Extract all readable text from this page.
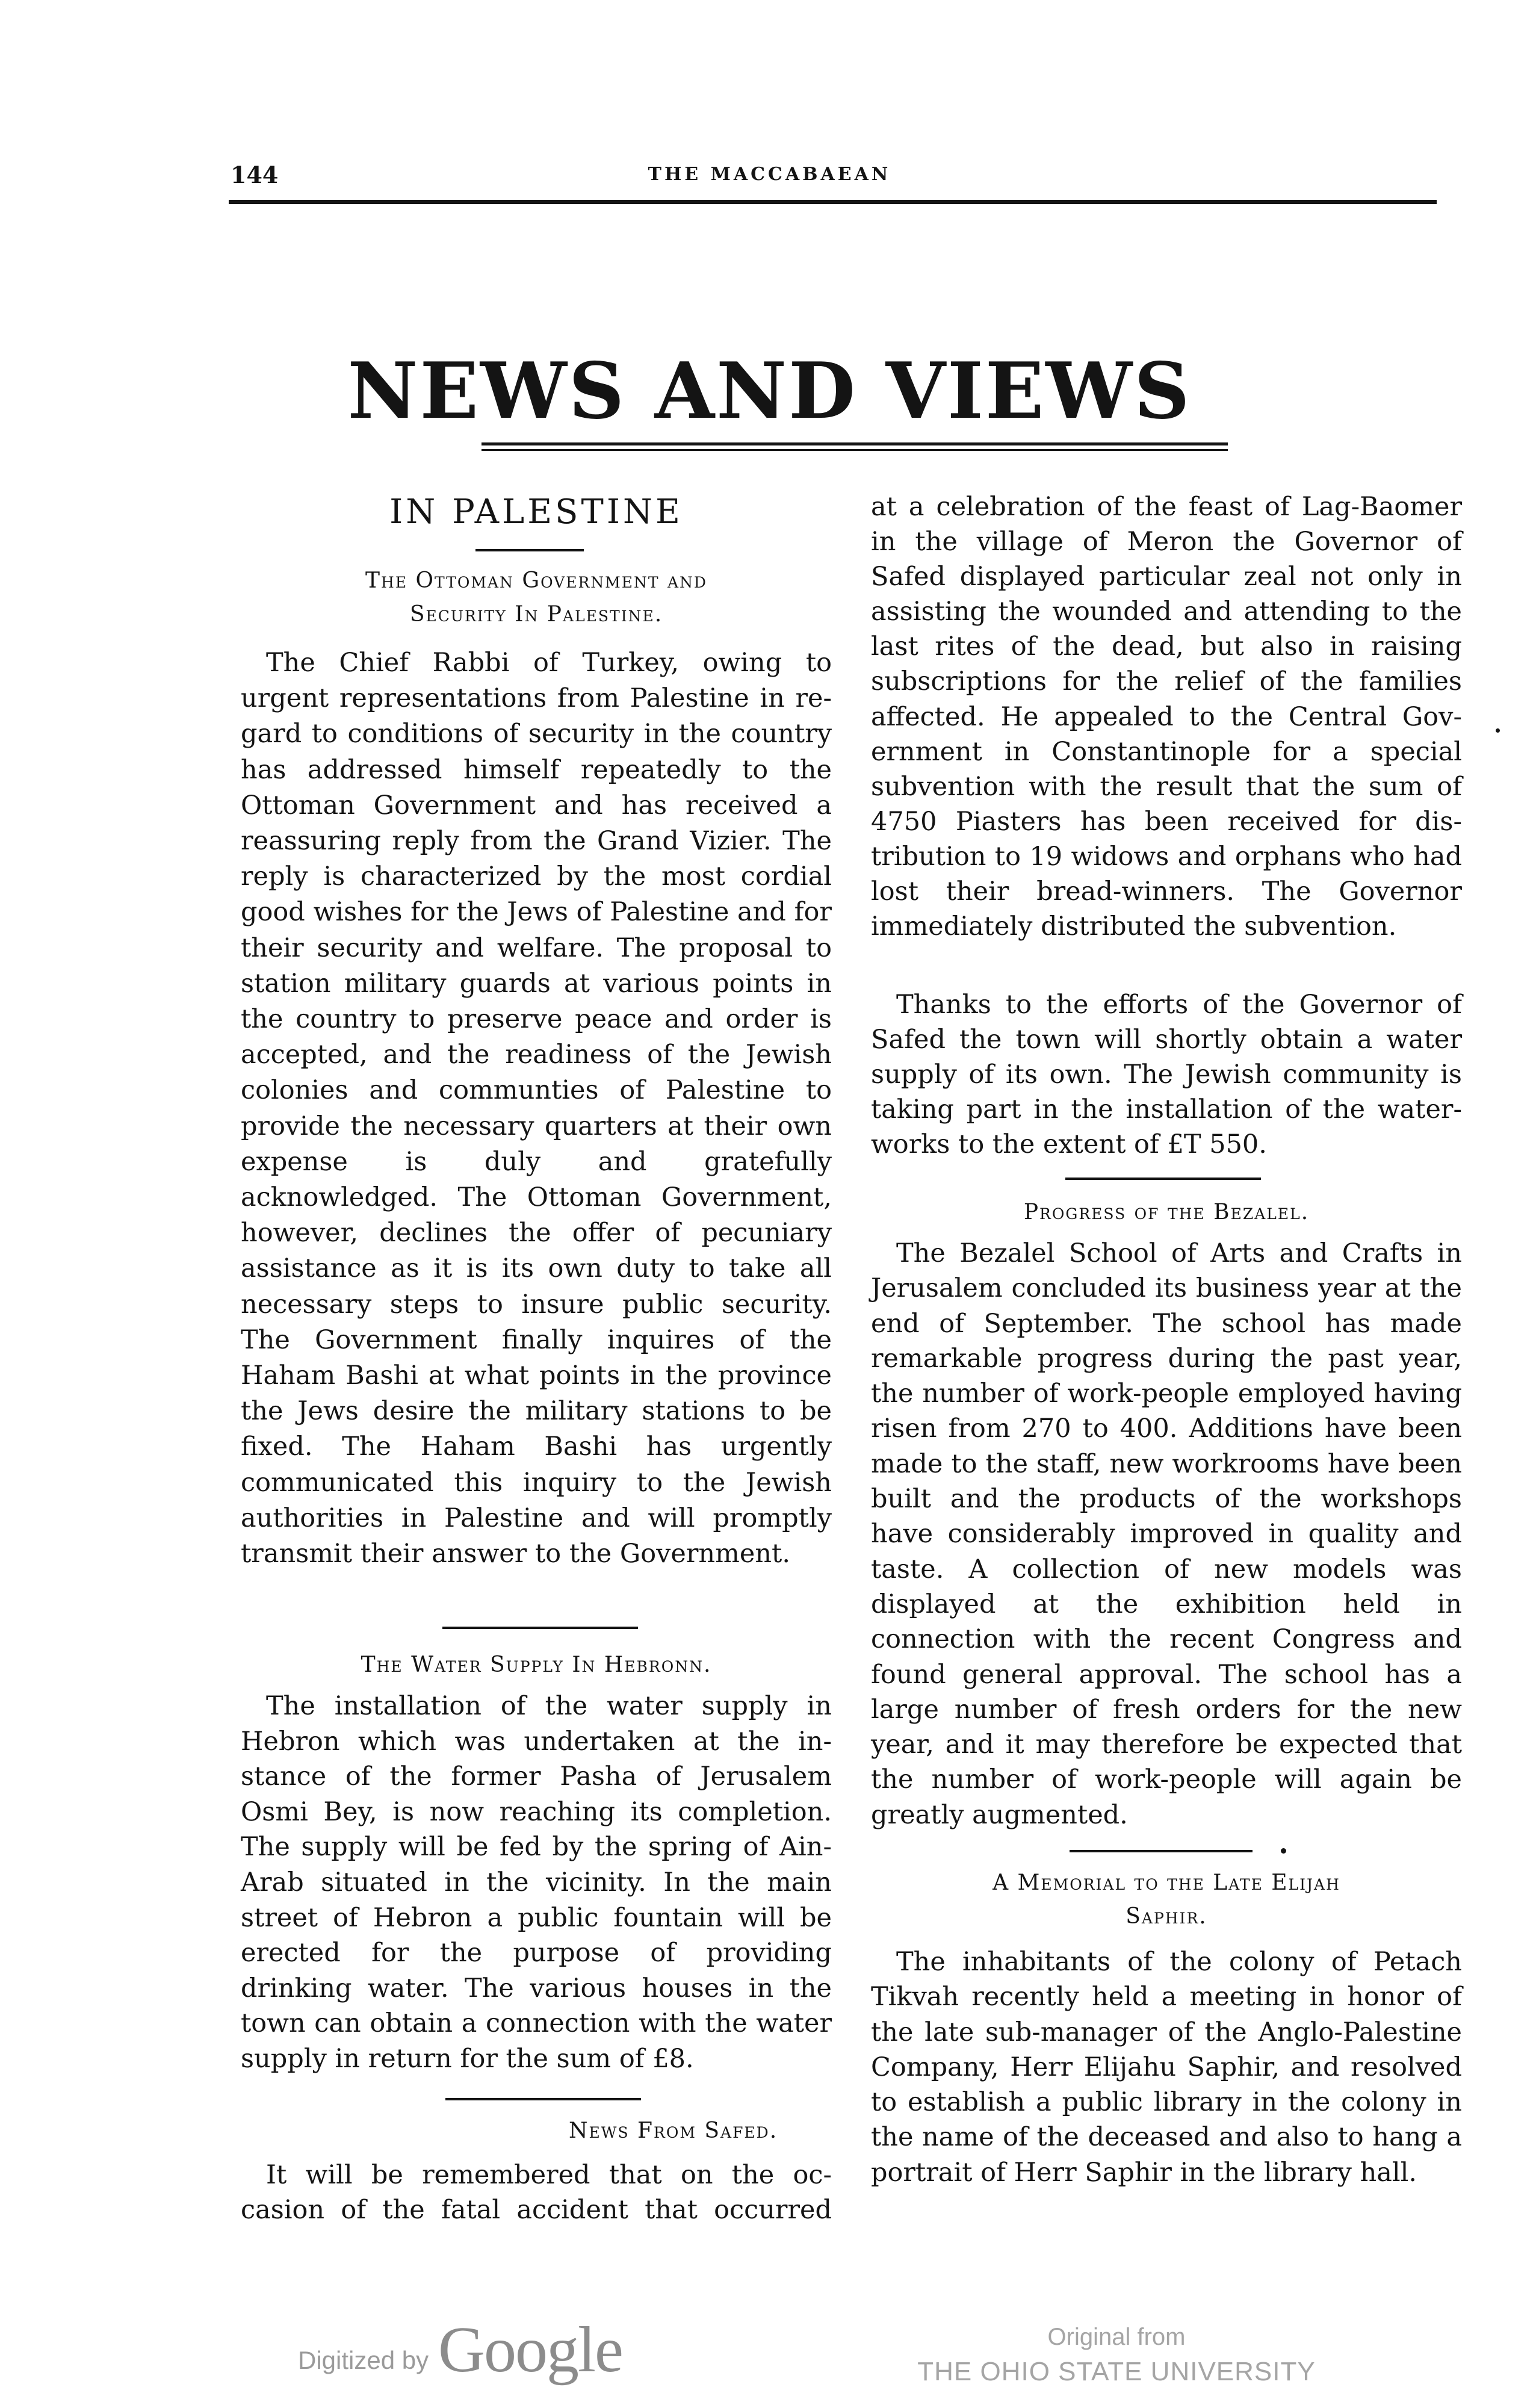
144	THE MACCABAEAN
NEWS AND VIEWS
IN PALESTINE
The Ottoman Government and
Security In Palestine.

The Chief Rabbi of Turkey, owing to urgent representations from Palestine in regard to conditions of security in the country has addressed himself repeatedly to the Ottoman Government and has received a reassuring reply from the Grand Vizier. The reply is characterized by the most cordial good wishes for the Jews of Palestine and for their security and welfare. The proposal to station military guards at various points in the country to preserve peace and order is accepted, and the readiness of the Jewish colonies and communties of Palestine to provide the necessary quarters at their own expense is duly and gratefully acknowledged. The Ottoman Government, however, declines the offer of pecuniary assistance as it is its own duty to take all necessary steps to insure public security. The Government finally inquires of the Haham Bashi at what points in the province the Jews desire the military stations to be fixed. The Haham Bashi has urgently communicated this inquiry to the Jewish authorities in Palestine and will promptly transmit their answer to the Government.

The Water Supply In Hebronn.

The installation of the water supply in Hebron which was undertaken at the instance of the former Pasha of Jerusalem Osmi Bey, is now reaching its completion. The supply will be fed by the spring of Ain-Arab situated in the vicinity. In the main street of Hebron a public fountain will be erected for the purpose of providing drinking water. The various houses in the town can obtain a connection with the water supply in return for the sum of £8.

News From Safed.

It will be remembered that on the occasion of the fatal accident that occurred

at a celebration of the feast of Lag-Baomer in the village of Meron the Governor of Safed displayed particular zeal not only in assisting the wounded and attending to the last rites of the dead, but also in raising subscriptions for the relief of the families affected. He appealed to the Central Government in Constantinople for a special subvention with the result that the sum of 4750 Piasters has been received for distribution to 19 widows and orphans who had lost their bread-winners. The Governor immediately distributed the subvention.

Thanks to the efforts of the Governor of Safed the town will shortly obtain a water supply of its own. The Jewish community is taking part in the installation of the water-works to the extent of £T 550.

Progress of the Bezalel.

The Bezalel School of Arts and Crafts in Jerusalem concluded its business year at the end of September. The school has made remarkable progress during the past year, the number of work-people employed having risen from 270 to 400. Additions have been made to the staff, new workrooms have been built and the products of the workshops have considerably improved in quality and taste. A collection of new models was displayed at the exhibition held in connection with the recent Congress and found general approval. The school has a large number of fresh orders for the new year, and it may therefore be expected that the number of work-people will again be greatly augmented.

A Memorial to the Late Elijah
Saphir.

The inhabitants of the colony of Petach Tikvah recently held a meeting in honor of the late sub-manager of the Anglo-Palestine Company, Herr Elijahu Saphir, and resolved to establish a public library in the colony in the name of the deceased and also to hang a portrait of Herr Saphir in the library hall.

Digitized by Google	Original from
THE OHIO STATE UNIVERSITY
